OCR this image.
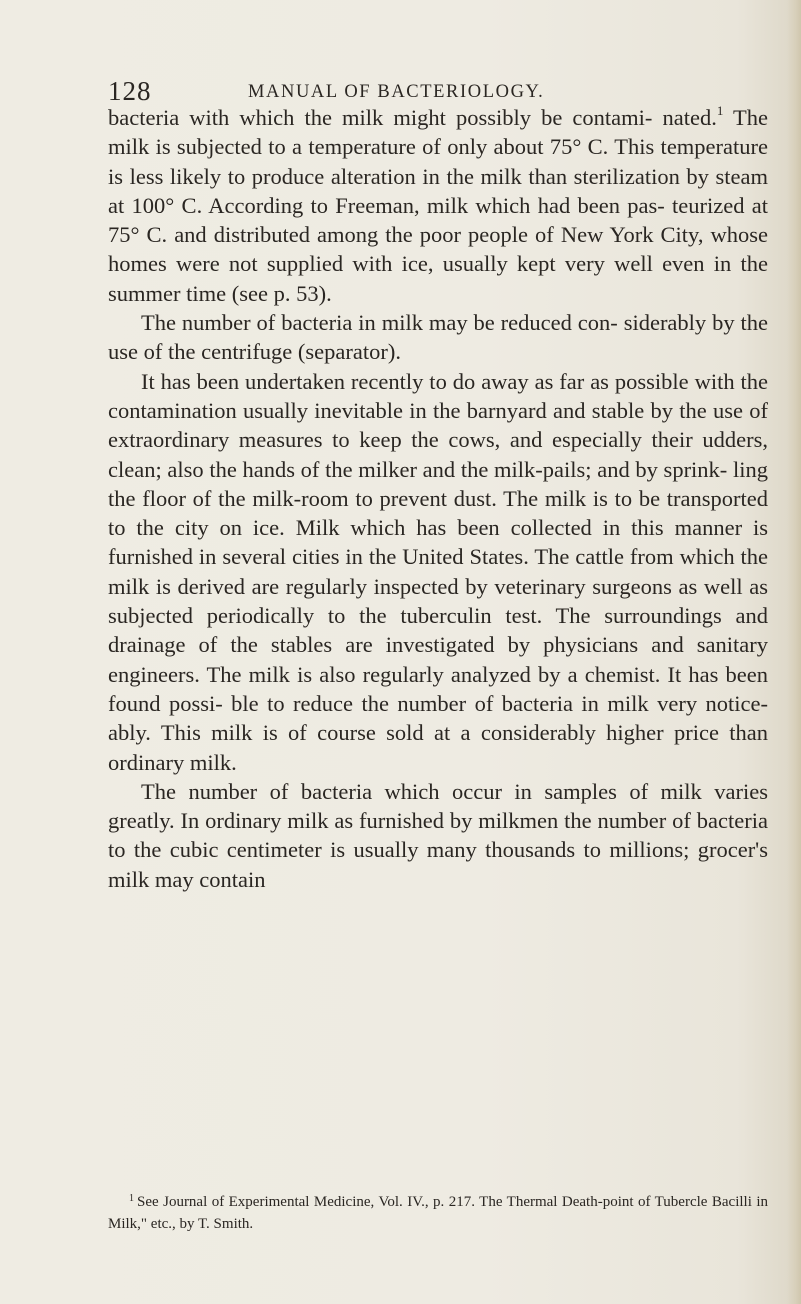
128	MANUAL OF BACTERIOLOGY.

bacteria with which the milk might possibly be contami- nated.$^1$ The milk is subjected to a temperature of only about 75° C. This temperature is less likely to produce alteration in the milk than sterilization by steam at 100° C. According to Freeman, milk which had been pas- teurized at 75° C. and distributed among the poor people of New York City, whose homes were not supplied with ice, usually kept very well even in the summer time (see p. 53).

The number of bacteria in milk may be reduced con- siderably by the use of the centrifuge (separator).

It has been undertaken recently to do away as far as possible with the contamination usually inevitable in the barnyard and stable by the use of extraordinary measures to keep the cows, and especially their udders, clean; also the hands of the milker and the milk-pails; and by sprink- ling the floor of the milk-room to prevent dust. The milk is to be transported to the city on ice. Milk which has been collected in this manner is furnished in several cities in the United States. The cattle from which the milk is derived are regularly inspected by veterinary surgeons as well as subjected periodically to the tuberculin test. The surroundings and drainage of the stables are investigated by physicians and sanitary engineers. The milk is also regularly analyzed by a chemist. It has been found possi- ble to reduce the number of bacteria in milk very notice- ably. This milk is of course sold at a considerably higher price than ordinary milk.

The number of bacteria which occur in samples of milk varies greatly. In ordinary milk as furnished by milkmen the number of bacteria to the cubic centimeter is usually many thousands to millions; grocer's milk may contain

$^1$ See Journal of Experimental Medicine, Vol. IV., p. 217. The Thermal Death-point of Tubercle Bacilli in Milk," etc., by T. Smith.
